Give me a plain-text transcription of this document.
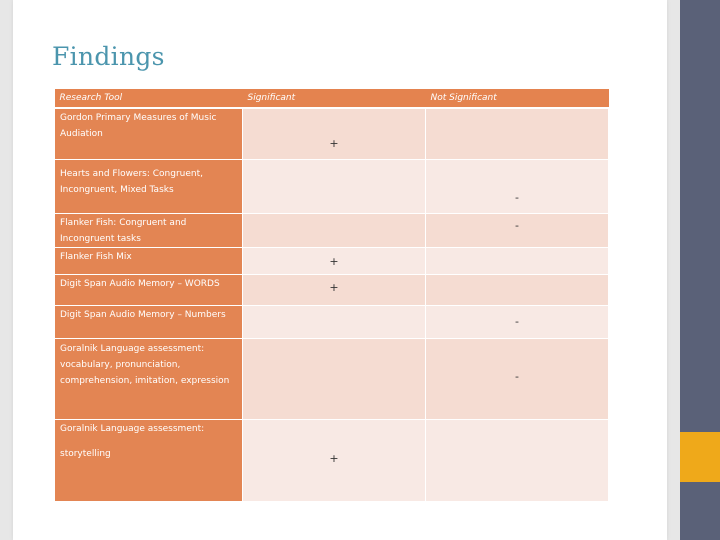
Findings
Research Tool	Significant	Not Significant
Gordon Primary Measures of Music Audiation	+	

Hearts and Flowers: Congruent, Incongruent, Mixed Tasks		-

Flanker Fish: Congruent and Incongruent tasks		-

Flanker Fish Mix	+	

Digit Span Audio Memory – WORDS	+	

Digit Span Audio Memory – Numbers		-

Goralnik Language assessment: vocabulary, pronunciation, comprehension, imitation, expression		-

Goralnik Language assessment:
storytelling	+	
